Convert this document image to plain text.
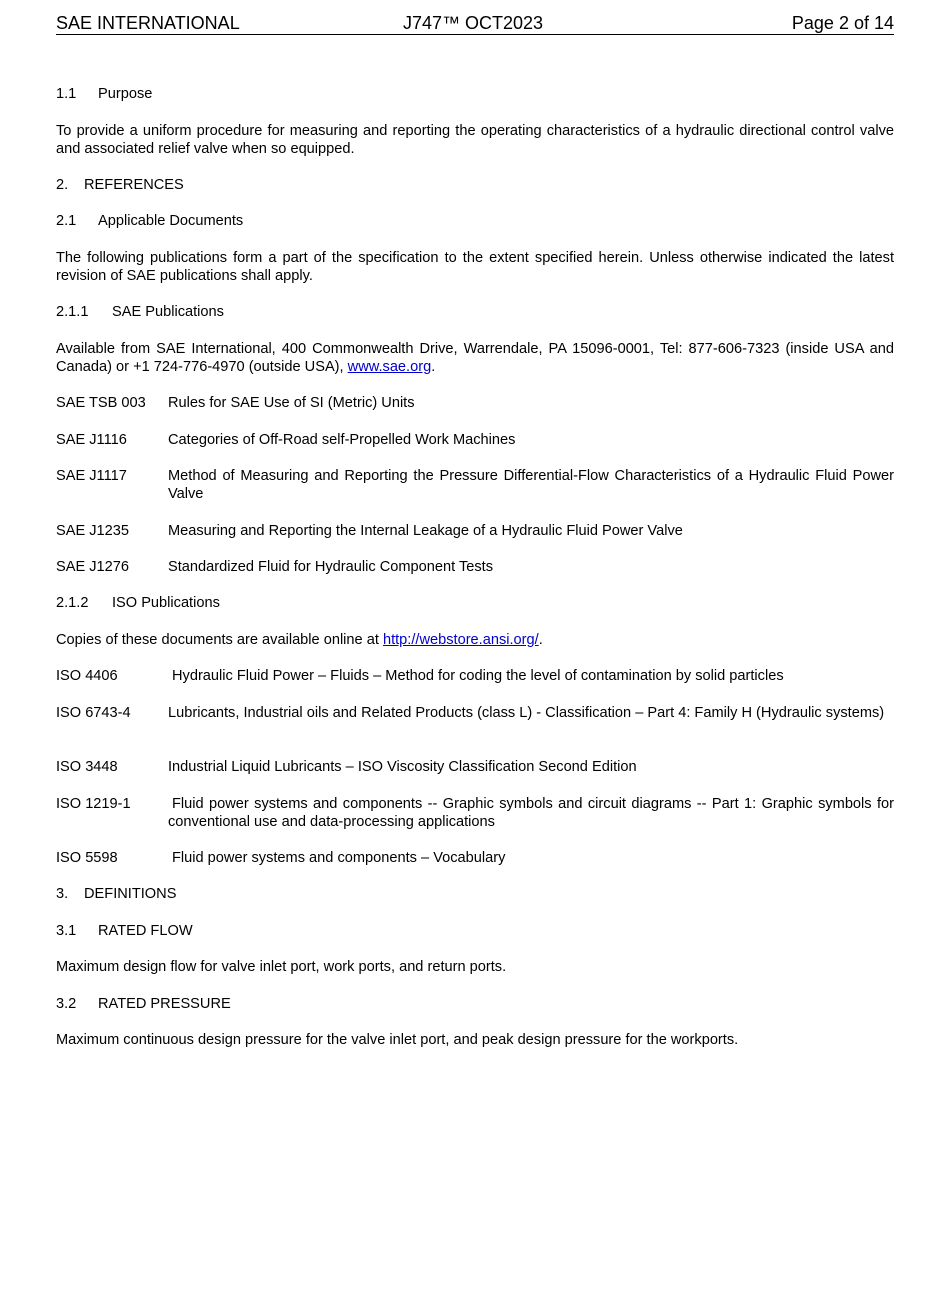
SAE INTERNATIONAL	J747™ OCT2023	Page 2 of 14
1.1 Purpose
To provide a uniform procedure for measuring and reporting the operating characteristics of a hydraulic directional control valve and associated relief valve when so equipped.
2. REFERENCES
2.1 Applicable Documents
The following publications form a part of the specification to the extent specified herein. Unless otherwise indicated the latest revision of SAE publications shall apply.
2.1.1 SAE Publications
Available from SAE International, 400 Commonwealth Drive, Warrendale, PA 15096-0001, Tel: 877-606-7323 (inside USA and Canada) or +1 724-776-4970 (outside USA), www.sae.org.
SAE TSB 003	Rules for SAE Use of SI (Metric) Units
SAE J1116	Categories of Off-Road self-Propelled Work Machines
SAE J1117	Method of Measuring and Reporting the Pressure Differential-Flow Characteristics of a Hydraulic Fluid Power Valve
SAE J1235	Measuring and Reporting the Internal Leakage of a Hydraulic Fluid Power Valve
SAE J1276	Standardized Fluid for Hydraulic Component Tests
2.1.2 ISO Publications
Copies of these documents are available online at http://webstore.ansi.org/.
ISO 4406	Hydraulic Fluid Power – Fluids – Method for coding the level of contamination by solid particles
ISO 6743-4	Lubricants, Industrial oils and Related Products (class L) - Classification – Part 4: Family H (Hydraulic systems)
ISO 3448	Industrial Liquid Lubricants – ISO Viscosity Classification Second Edition
ISO 1219-1	Fluid power systems and components -- Graphic symbols and circuit diagrams -- Part 1: Graphic symbols for conventional use and data-processing applications
ISO 5598	Fluid power systems and components – Vocabulary
3. DEFINITIONS
3.1 RATED FLOW
Maximum design flow for valve inlet port, work ports, and return ports.
3.2 RATED PRESSURE
Maximum continuous design pressure for the valve inlet port, and peak design pressure for the workports.
